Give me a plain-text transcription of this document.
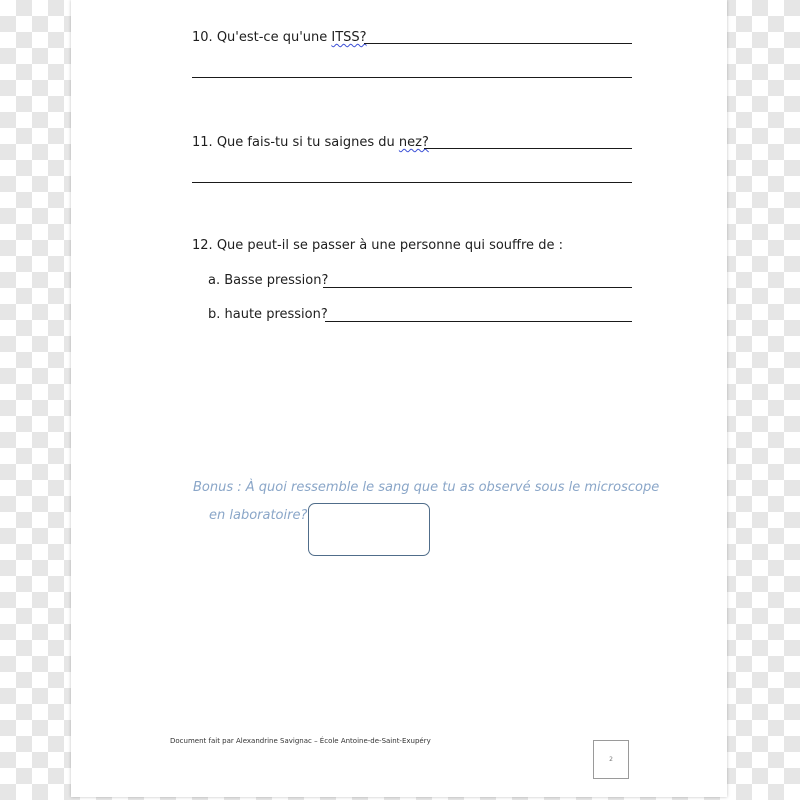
10. Qu'est-ce qu'une ITSS?
11. Que fais-tu si tu saignes du nez?
12. Que peut-il se passer à une personne qui souffre de :
a. Basse pression?
b. haute pression?
Bonus : À quoi ressemble le sang que tu as observé sous le microscope
en laboratoire?
Document fait par Alexandrine Savignac – École Antoine-de-Saint-Exupéry
2
